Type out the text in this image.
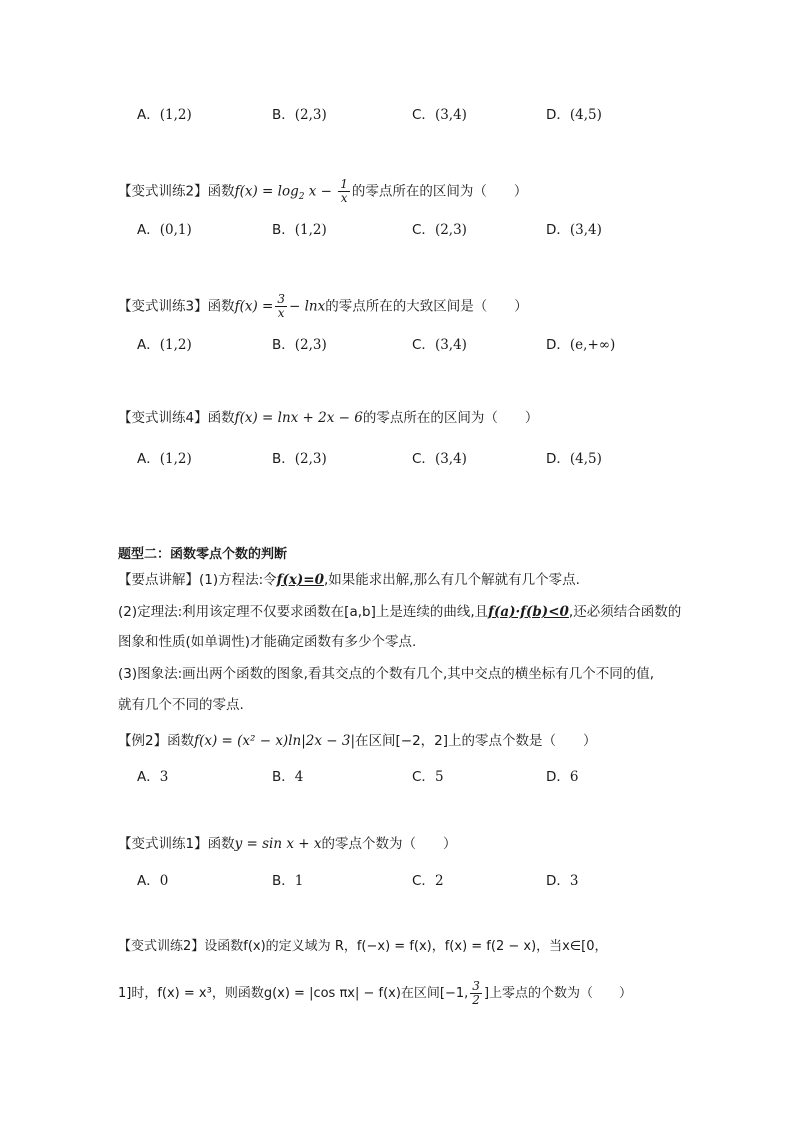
A．(1,2)	B．(2,3)	C．(3,4)	D．(4,5)
【变式训练2】函数$f(x) = \log_2 x - \frac{1}{x}$ 的零点所在的区间为（　　）
A．(0,1)	B．(1,2)	C．(2,3)	D．(3,4)
【变式训练3】函数$f(x) = \frac{3}{x} - \ln x$的零点所在的大致区间是（　　）
A．(1,2)	B．(2,3)	C．(3,4)	D．(e,+∞)
【变式训练4】函数f(x) = lnx + 2x − 6的零点所在的区间为（　　）
A．(1,2)	B．(2,3)	C．(3,4)	D．(4,5)
题型二：函数零点个数的判断
【要点讲解】(1)方程法:令f(x)=0,如果能求出解,那么有几个解就有几个零点.
(2)定理法:利用该定理不仅要求函数在[a,b]上是连续的曲线,且f(a)·f(b)<0,还必须结合函数的
图象和性质(如单调性)才能确定函数有多少个零点.
(3)图象法:画出两个函数的图象,看其交点的个数有几个,其中交点的横坐标有几个不同的值,
就有几个不同的零点.
【例2】函数f(x) = (x² − x)ln|2x − 3|在区间[−2，2]上的零点个数是（　　）
A．3	B．4	C．5	D．6
【变式训练1】函数y = sin x + x的零点个数为（　　）
A．0	B．1	C．2	D．3
【变式训练2】设函数f(x)的定义域为 R，f(−x) = f(x)，f(x) = f(2 − x)，当x∈[0，
1]时，f(x) = x³，则函数g(x) = |cos πx| − f(x)在区间[−1, $\frac{3}{2}$ ]上零点的个数为（　　）
